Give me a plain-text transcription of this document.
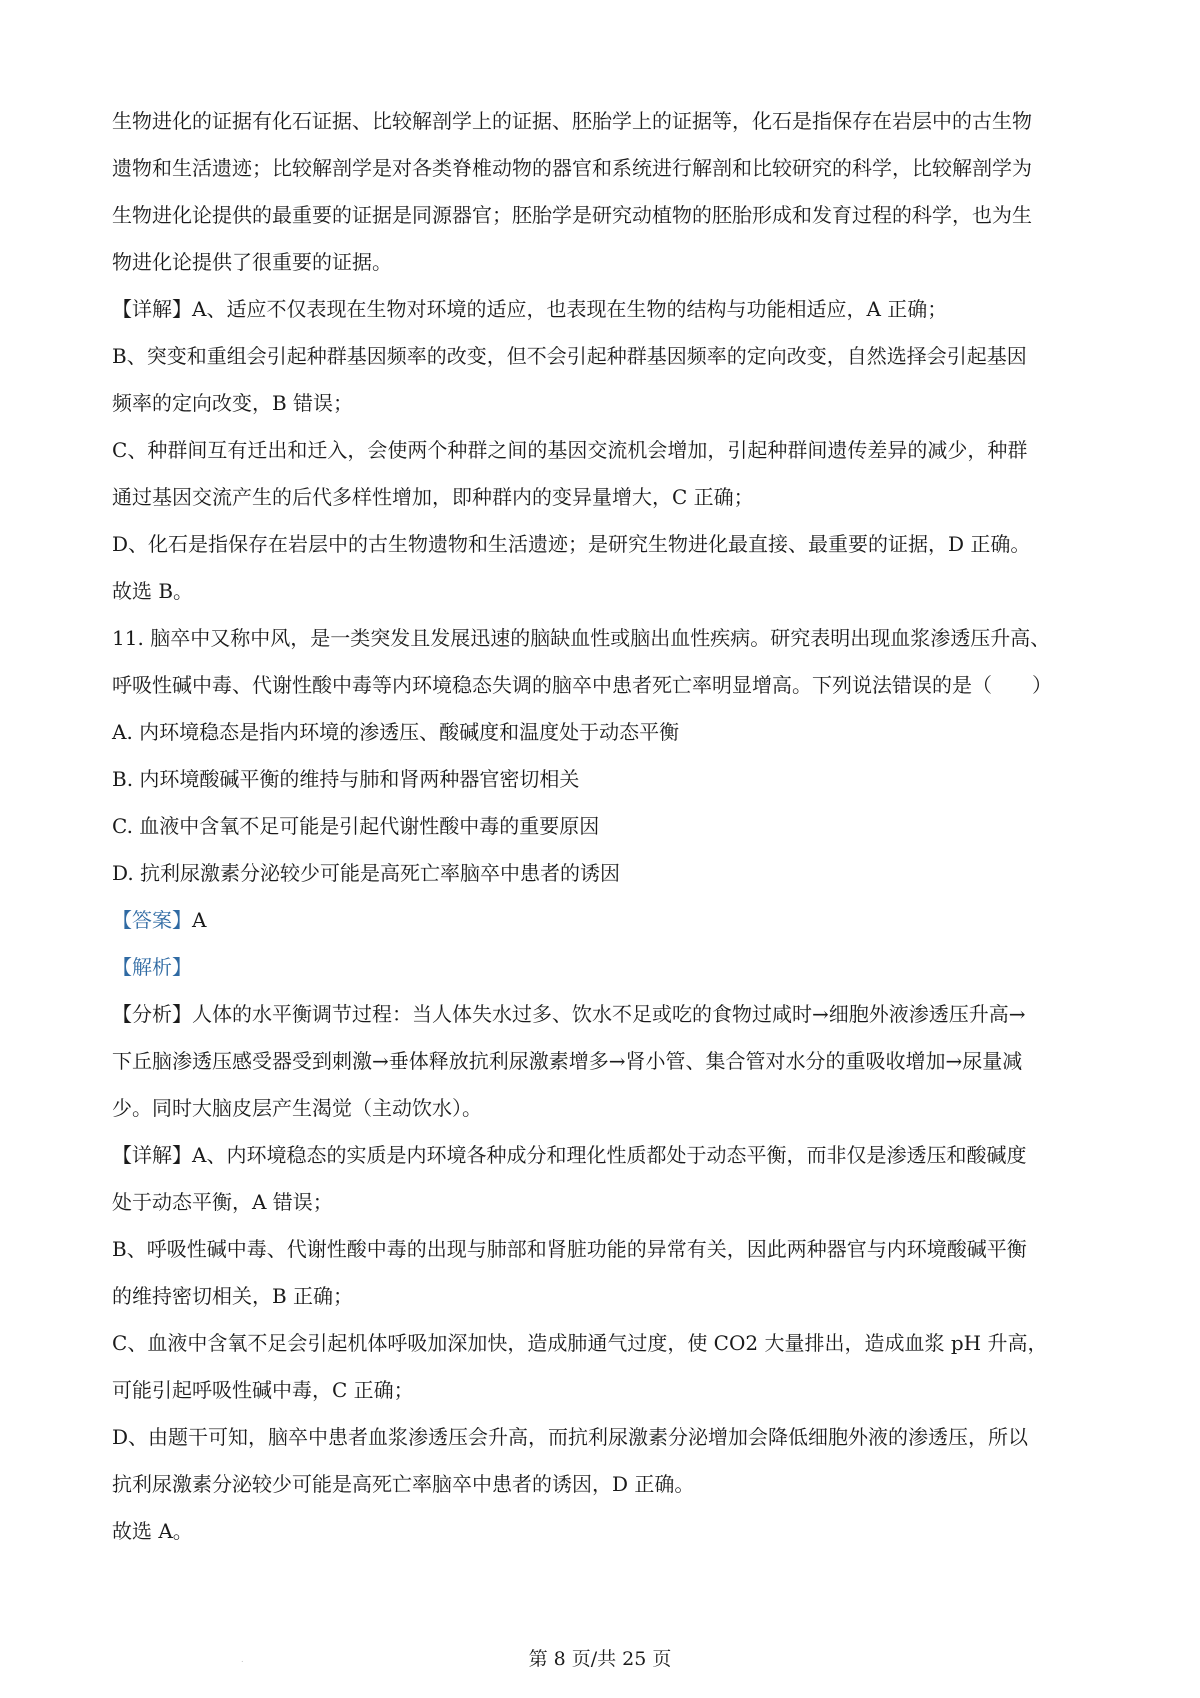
生物进化的证据有化石证据、比较解剖学上的证据、胚胎学上的证据等，化石是指保存在岩层中的古生物
遗物和生活遗迹；比较解剖学是对各类脊椎动物的器官和系统进行解剖和比较研究的科学，比较解剖学为
生物进化论提供的最重要的证据是同源器官；胚胎学是研究动植物的胚胎形成和发育过程的科学，也为生
物进化论提供了很重要的证据。

【详解】A、适应不仅表现在生物对环境的适应，也表现在生物的结构与功能相适应，A 正确；
B、突变和重组会引起种群基因频率的改变，但不会引起种群基因频率的定向改变，自然选择会引起基因
频率的定向改变，B 错误；
C、种群间互有迁出和迁入，会使两个种群之间的基因交流机会增加，引起种群间遗传差异的减少，种群
通过基因交流产生的后代多样性增加，即种群内的变异量增大，C 正确；
D、化石是指保存在岩层中的古生物遗物和生活遗迹；是研究生物进化最直接、最重要的证据，D 正确。
故选 B。

11. 脑卒中又称中风，是一类突发且发展迅速的脑缺血性或脑出血性疾病。研究表明出现血浆渗透压升高、
呼吸性碱中毒、代谢性酸中毒等内环境稳态失调的脑卒中患者死亡率明显增高。下列说法错误的是（　　 ）
A. 内环境稳态是指内环境的渗透压、酸碱度和温度处于动态平衡
B. 内环境酸碱平衡的维持与肺和肾两种器官密切相关
C. 血液中含氧不足可能是引起代谢性酸中毒的重要原因
D. 抗利尿激素分泌较少可能是高死亡率脑卒中患者的诱因

【答案】A
【解析】

【分析】人体的水平衡调节过程：当人体失水过多、饮水不足或吃的食物过咸时→细胞外液渗透压升高→
下丘脑渗透压感受器受到刺激→垂体释放抗利尿激素增多→肾小管、集合管对水分的重吸收增加→尿量减
少。同时大脑皮层产生渴觉（主动饮水）。

【详解】A、内环境稳态的实质是内环境各种成分和理化性质都处于动态平衡，而非仅是渗透压和酸碱度
处于动态平衡，A 错误；
B、呼吸性碱中毒、代谢性酸中毒的出现与肺部和肾脏功能的异常有关，因此两种器官与内环境酸碱平衡
的维持密切相关，B 正确；
C、血液中含氧不足会引起机体呼吸加深加快，造成肺通气过度，使 CO2 大量排出，造成血浆 pH 升高，
可能引起呼吸性碱中毒，C 正确；
D、由题干可知，脑卒中患者血浆渗透压会升高，而抗利尿激素分泌增加会降低细胞外液的渗透压，所以
抗利尿激素分泌较少可能是高死亡率脑卒中患者的诱因，D 正确。
故选 A。

.	第 8 页/共 25 页
